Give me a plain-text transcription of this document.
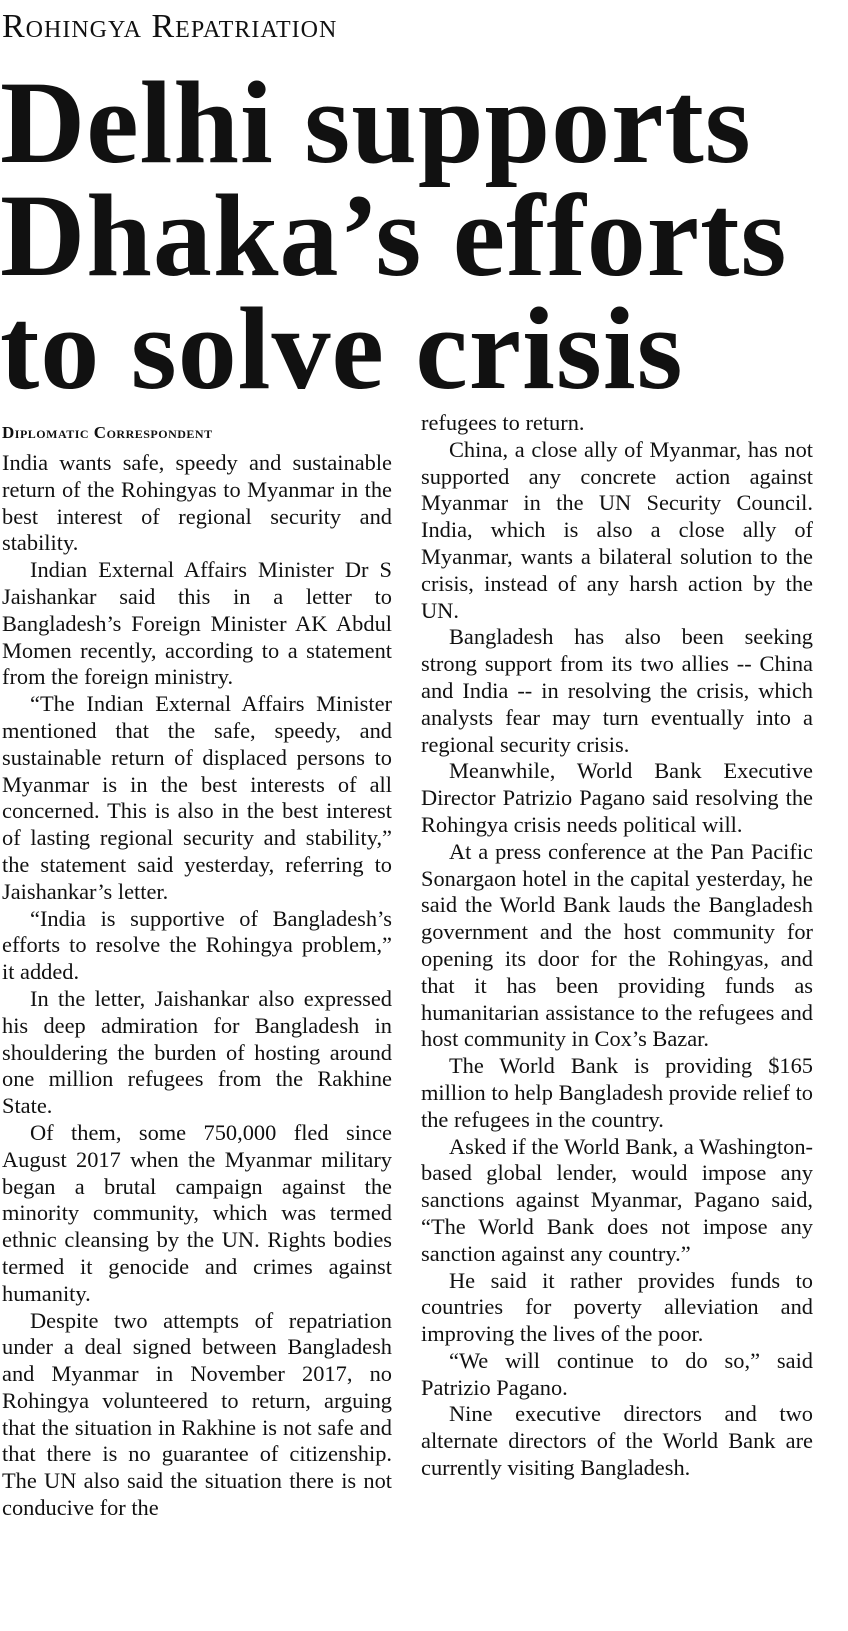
Rohingya Repatriation
Delhi supports
Dhaka’s efforts
to solve crisis
Diplomatic Correspondent

India wants safe, speedy and sustainable return of the Rohingyas to Myanmar in the best interest of regional security and stability.

Indian External Affairs Minister Dr S Jaishankar said this in a letter to Bangladesh’s Foreign Minister AK Abdul Momen recently, according to a statement from the foreign ministry.

“The Indian External Affairs Minister mentioned that the safe, speedy, and sustainable return of displaced persons to Myanmar is in the best interests of all concerned. This is also in the best interest of lasting regional security and stability,” the statement said yesterday, referring to Jaishankar’s letter.

“India is supportive of Bangladesh’s efforts to resolve the Rohingya problem,” it added.

In the letter, Jaishankar also expressed his deep admiration for Bangladesh in shouldering the burden of hosting around one million refugees from the Rakhine State.

Of them, some 750,000 fled since August 2017 when the Myanmar military began a brutal campaign against the minority community, which was termed ethnic cleansing by the UN. Rights bodies termed it genocide and crimes against humanity.

Despite two attempts of repatriation under a deal signed between Bangladesh and Myanmar in November 2017, no Rohingya volunteered to return, arguing that the situation in Rakhine is not safe and that there is no guarantee of citizenship. The UN also said the situation there is not conducive for the

refugees to return.

China, a close ally of Myanmar, has not supported any concrete action against Myanmar in the UN Security Council. India, which is also a close ally of Myanmar, wants a bilateral solution to the crisis, instead of any harsh action by the UN.

Bangladesh has also been seeking strong support from its two allies -- China and India -- in resolving the crisis, which analysts fear may turn eventually into a regional security crisis.

Meanwhile, World Bank Executive Director Patrizio Pagano said resolving the Rohingya crisis needs political will.

At a press conference at the Pan Pacific Sonargaon hotel in the capital yesterday, he said the World Bank lauds the Bangladesh government and the host community for opening its door for the Rohingyas, and that it has been providing funds as humanitarian assistance to the refugees and host community in Cox’s Bazar.

The World Bank is providing $165 million to help Bangladesh provide relief to the refugees in the country.

Asked if the World Bank, a Washington-based global lender, would impose any sanctions against Myanmar, Pagano said, “The World Bank does not impose any sanction against any country.”

He said it rather provides funds to countries for poverty alleviation and improving the lives of the poor.

“We will continue to do so,” said Patrizio Pagano.

Nine executive directors and two alternate directors of the World Bank are currently visiting Bangladesh.
